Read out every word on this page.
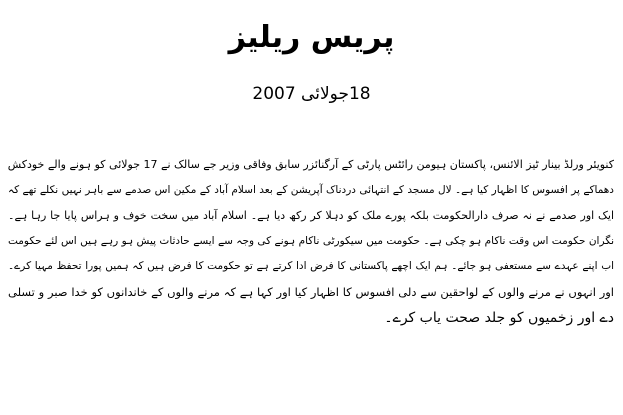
پریس ریلیز
18جولائی 2007
کنویئر ورلڈ بینار ٹیز الائنس، پاکستان ہیومن رائٹس پارٹی کے آرگنائزر سابق وفاقی وزیر جے سالک نے 17 جولائی کو ہونے والے خودکش
دھماکے پر افسوس کا اظہار کیا ہے۔ لال مسجد کے انتہائی دردناک آپریشن کے بعد اسلام آباد کے مکین اس صدمے سے باہر نہیں نکلے تھے کہ
ایک اور صدمے نے نہ صرف دارالحکومت بلکہ پورے ملک کو دہلا کر رکھ دیا ہے۔ اسلام آباد میں سخت خوف و ہراس پایا جا رہا ہے۔
نگران حکومت اس وقت ناکام ہو چکی ہے۔ حکومت میں سیکورٹی ناکام ہونے کی وجہ سے ایسے حادثات پیش ہو رہے ہیں اس لئے حکومت
اب اپنے عہدے سے مستعفی ہو جائے۔ ہم ایک اچھے پاکستانی کا فرض ادا کرتے ہے تو حکومت کا فرض ہیں کہ ہمیں پورا تحفظ مہیا کرے۔
اور انہوں نے مرنے والوں کے لواحقین سے دلی افسوس کا اظہار کیا اور کہا ہے کہ مرنے والوں کے خاندانوں کو خدا صبر و تسلی
دے اور زخمیوں کو جلد صحت یاب کرے۔
